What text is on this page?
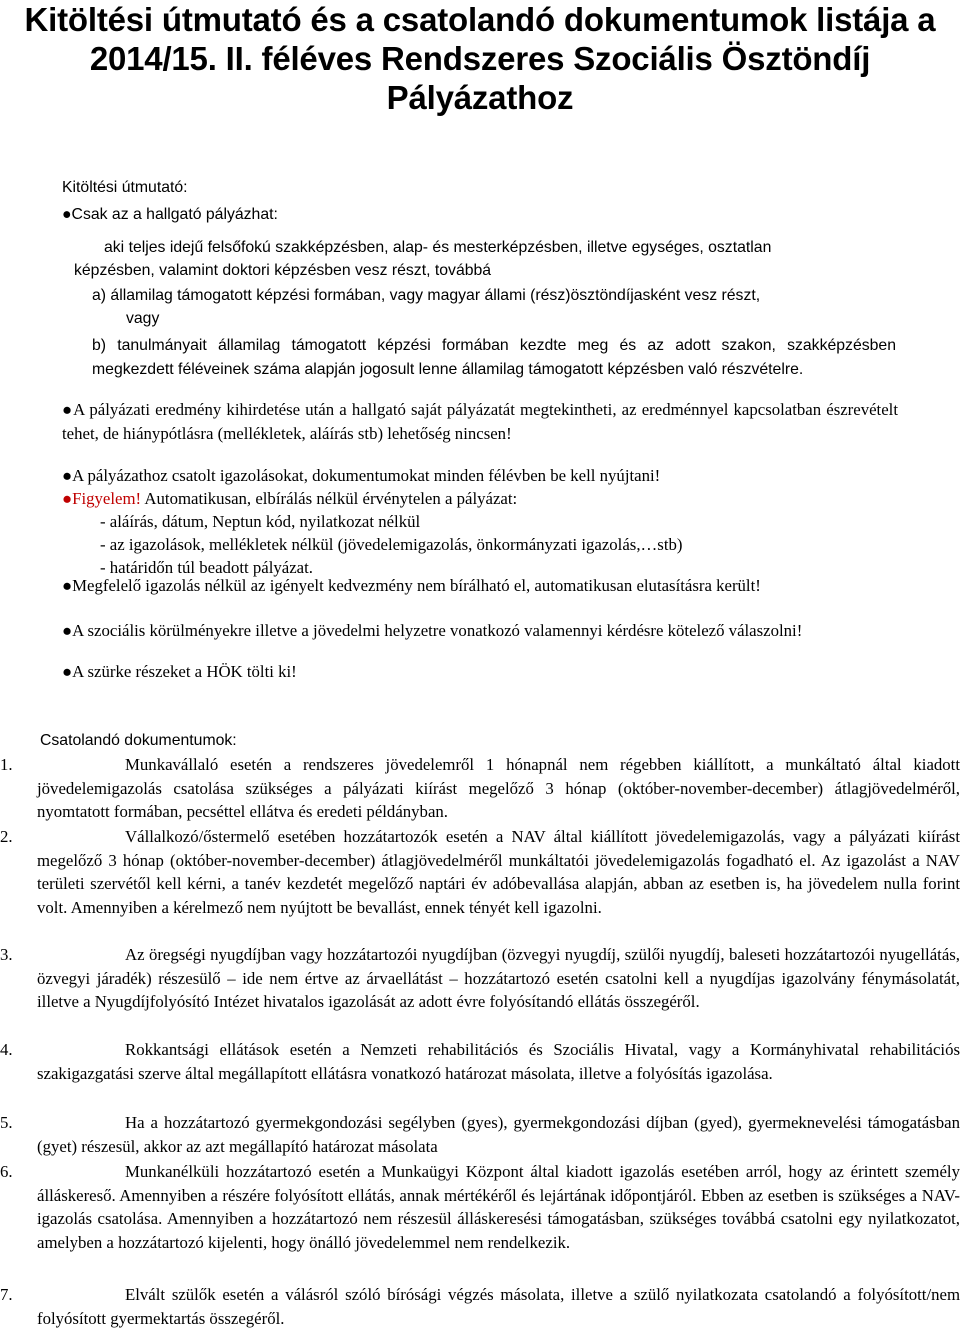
Kitöltési útmutató és a csatolandó dokumentumok listája a
2014/15. II. féléves Rendszeres Szociális Ösztöndíj
Pályázathoz
Kitöltési útmutató:
●Csak az a hallgató pályázhat:
aki teljes idejű felsőfokú szakképzésben, alap- és mesterképzésben, illetve egységes, osztatlan
képzésben, valamint doktori képzésben vesz részt, továbbá
a) államilag támogatott képzési formában, vagy magyar állami (rész)ösztöndíjasként vesz részt,
vagy
b) tanulmányait államilag támogatott képzési formában kezdte meg és az adott szakon, szakképzésben megkezdett féléveinek száma alapján jogosult lenne államilag támogatott képzésben való részvételre.
●A pályázati eredmény kihirdetése után a hallgató saját pályázatát megtekintheti, az eredménnyel kapcsolatban észrevételt tehet, de hiánypótlásra (mellékletek, aláírás stb) lehetőség nincsen!
●A pályázathoz csatolt igazolásokat, dokumentumokat minden félévben be kell nyújtani!
●Figyelem! Automatikusan, elbírálás nélkül érvénytelen a pályázat:
- aláírás, dátum, Neptun kód, nyilatkozat nélkül
- az igazolások, mellékletek nélkül (jövedelemigazolás, önkormányzati igazolás,…stb)
- határidőn túl beadott pályázat.
●Megfelelő igazolás nélkül az igényelt kedvezmény nem bírálható el, automatikusan elutasításra került!
●A szociális körülményekre illetve a jövedelmi helyzetre vonatkozó valamennyi kérdésre kötelező válaszolni!
●A szürke részeket a HÖK tölti ki!
Csatolandó dokumentumok:
1.	Munkavállaló esetén a rendszeres jövedelemről 1 hónapnál nem régebben kiállított, a munkáltató által kiadott jövedelemigazolás csatolása szükséges a pályázati kiírást megelőző 3 hónap (október-november-december) átlagjövedelméről, nyomtatott formában, pecséttel ellátva és eredeti példányban.
2.	Vállalkozó/őstermelő esetében hozzátartozók esetén a NAV által kiállított jövedelemigazolás, vagy a pályázati kiírást megelőző 3 hónap (október-november-december) átlagjövedelméről munkáltatói jövedelemigazolás fogadható el. Az igazolást a NAV területi szervétől kell kérni, a tanév kezdetét megelőző naptári év adóbevallása alapján, abban az esetben is, ha jövedelem nulla forint volt. Amennyiben a kérelmező nem nyújtott be bevallást, ennek tényét kell igazolni.
3.	Az öregségi nyugdíjban vagy hozzátartozói nyugdíjban (özvegyi nyugdíj, szülői nyugdíj, baleseti hozzátartozói nyugellátás, özvegyi járadék) részesülő – ide nem értve az árvaellátást – hozzátartozó esetén csatolni kell a nyugdíjas igazolvány fénymásolatát, illetve a Nyugdíjfolyósító Intézet hivatalos igazolását az adott évre folyósítandó ellátás összegéről.
4.	Rokkantsági ellátások esetén a Nemzeti rehabilitációs és Szociális Hivatal, vagy a Kormányhivatal rehabilitációs szakigazgatási szerve által megállapított ellátásra vonatkozó határozat másolata, illetve a folyósítás igazolása.
5.	Ha a hozzátartozó gyermekgondozási segélyben (gyes), gyermekgondozási díjban (gyed), gyermeknevelési támogatásban (gyet) részesül, akkor az azt megállapító határozat másolata
6.	Munkanélküli hozzátartozó esetén a Munkaügyi Központ által kiadott igazolás esetében arról, hogy az érintett személy álláskereső. Amennyiben a részére folyósított ellátás, annak mértékéről és lejártának időpontjáról. Ebben az esetben is szükséges a NAV- igazolás csatolása. Amennyiben a hozzátartozó nem részesül álláskeresési támogatásban, szükséges továbbá csatolni egy nyilatkozatot, amelyben a hozzátartozó kijelenti, hogy önálló jövedelemmel nem rendelkezik.
7.	Elvált szülők esetén a válásról szóló bírósági végzés másolata, illetve a szülő nyilatkozata csatolandó a folyósított/nem folyósított gyermektartás összegéről.
